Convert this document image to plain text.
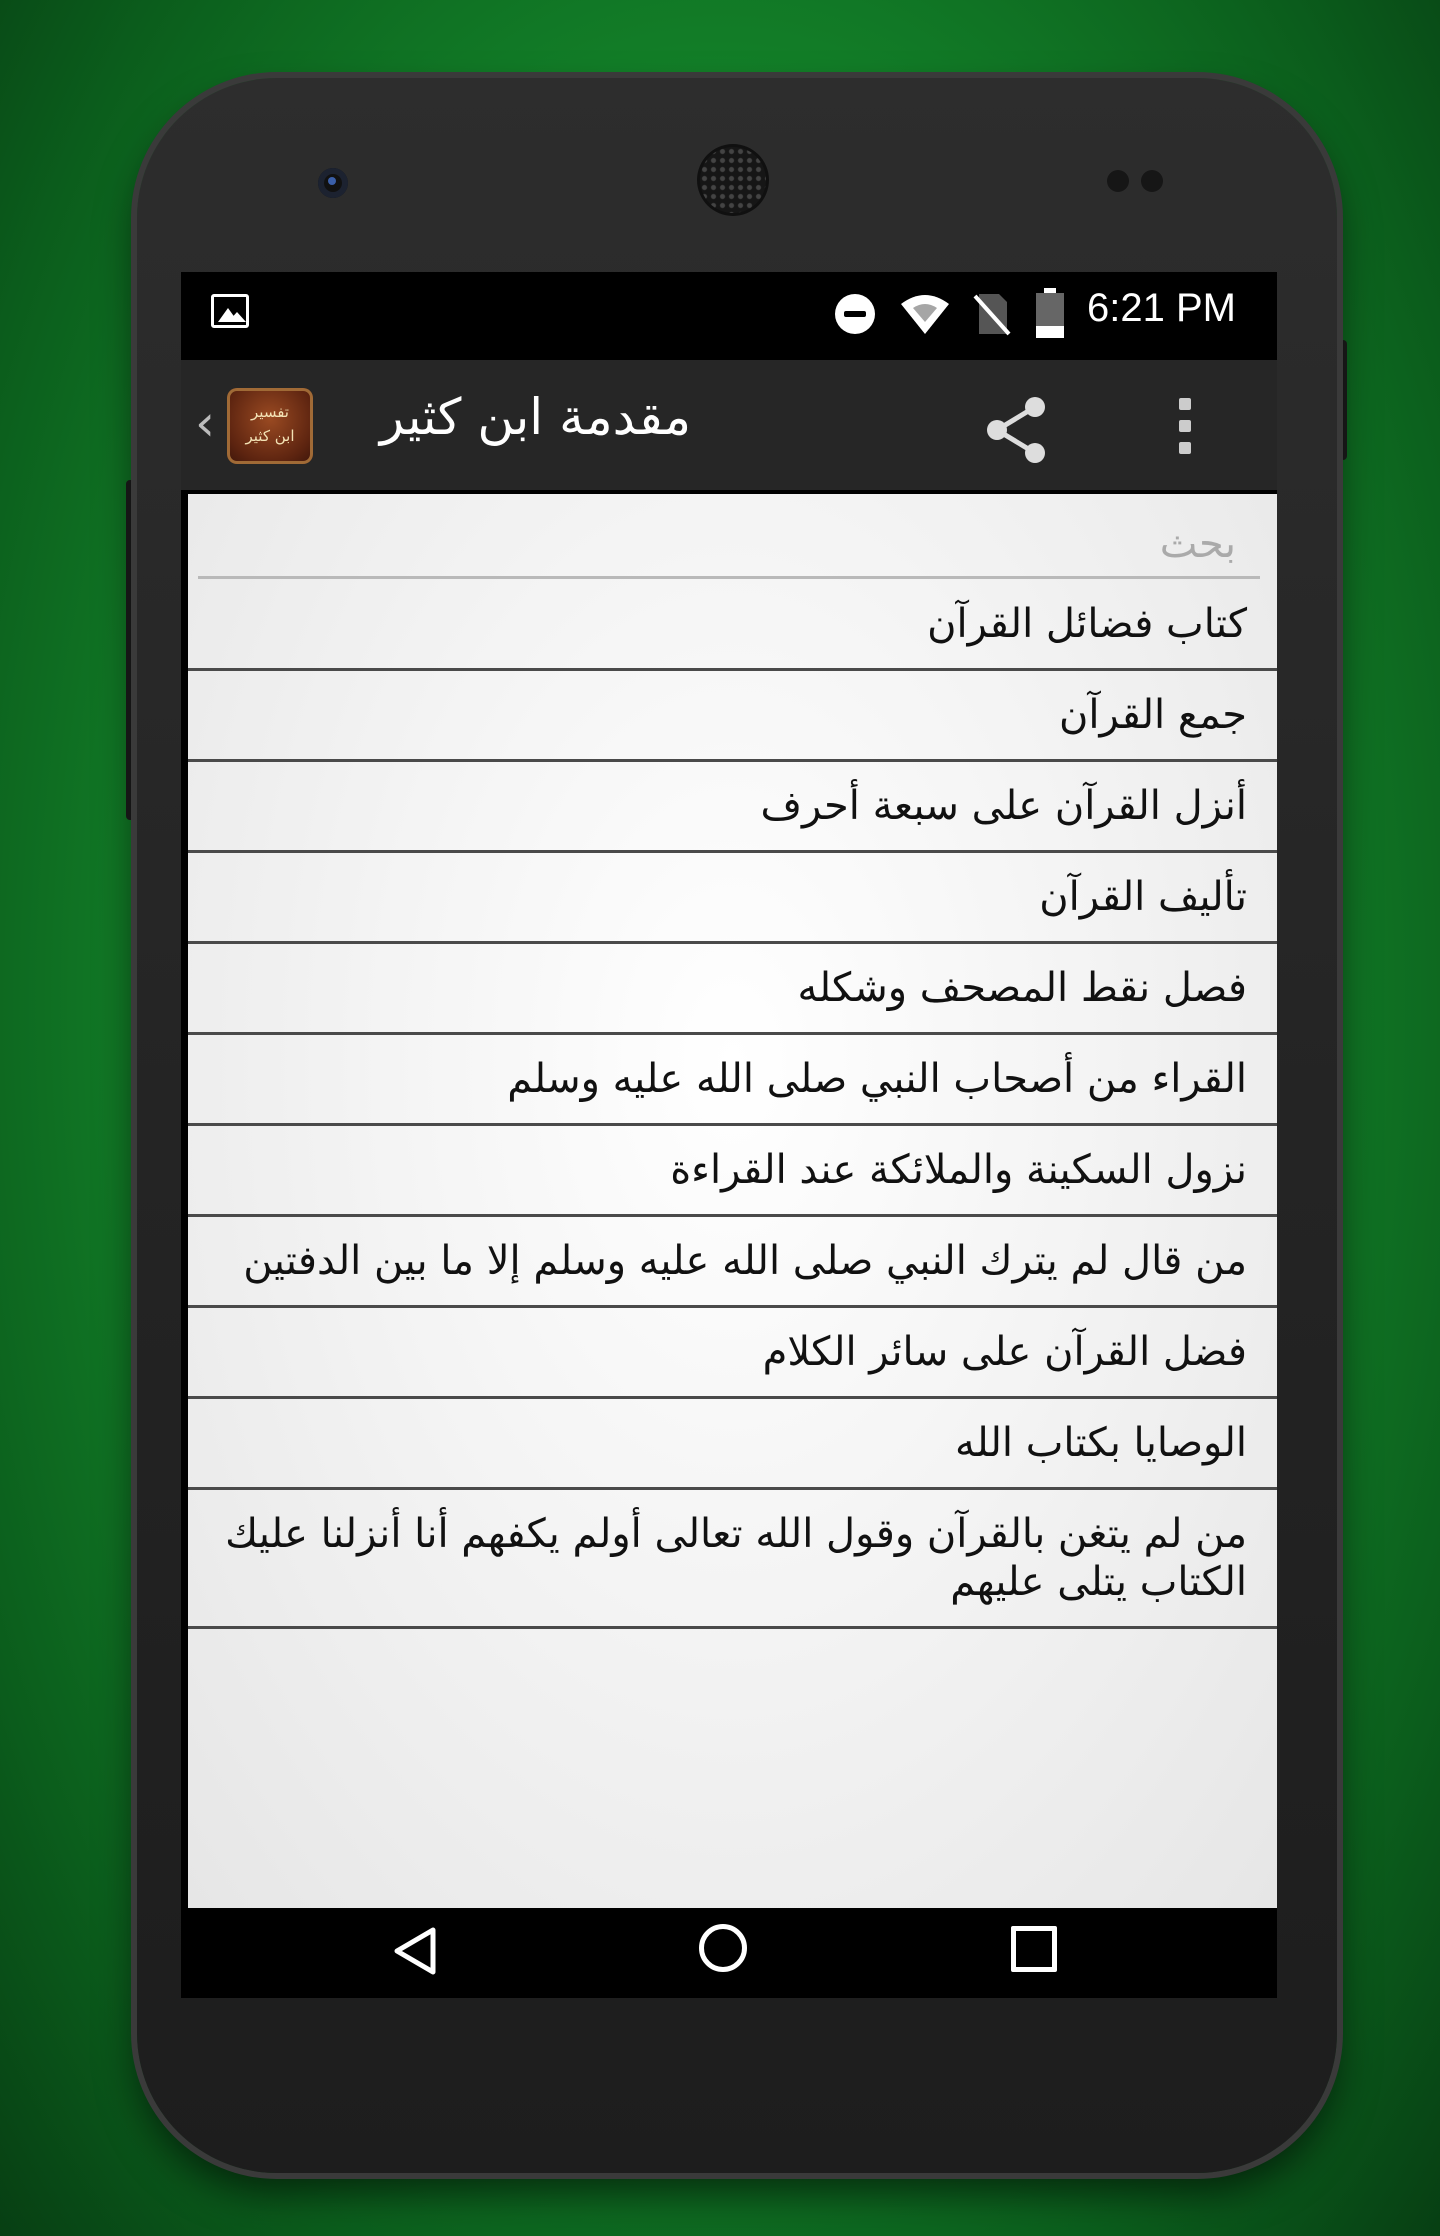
6:21 PM
‹	تفسير
ابن كثير	مقدمة ابن كثير
بحث
كتاب فضائل القرآن
جمع القرآن
أنزل القرآن على سبعة أحرف
تأليف القرآن
فصل نقط المصحف وشكله
القراء من أصحاب النبي صلى الله عليه وسلم
نزول السكينة والملائكة عند القراءة
من قال لم يترك النبي صلى الله عليه وسلم إلا ما بين الدفتين
فضل القرآن على سائر الكلام
الوصايا بكتاب الله
من لم يتغن بالقرآن وقول الله تعالى أولم يكفهم أنا أنزلنا عليك الكتاب يتلى عليهم
